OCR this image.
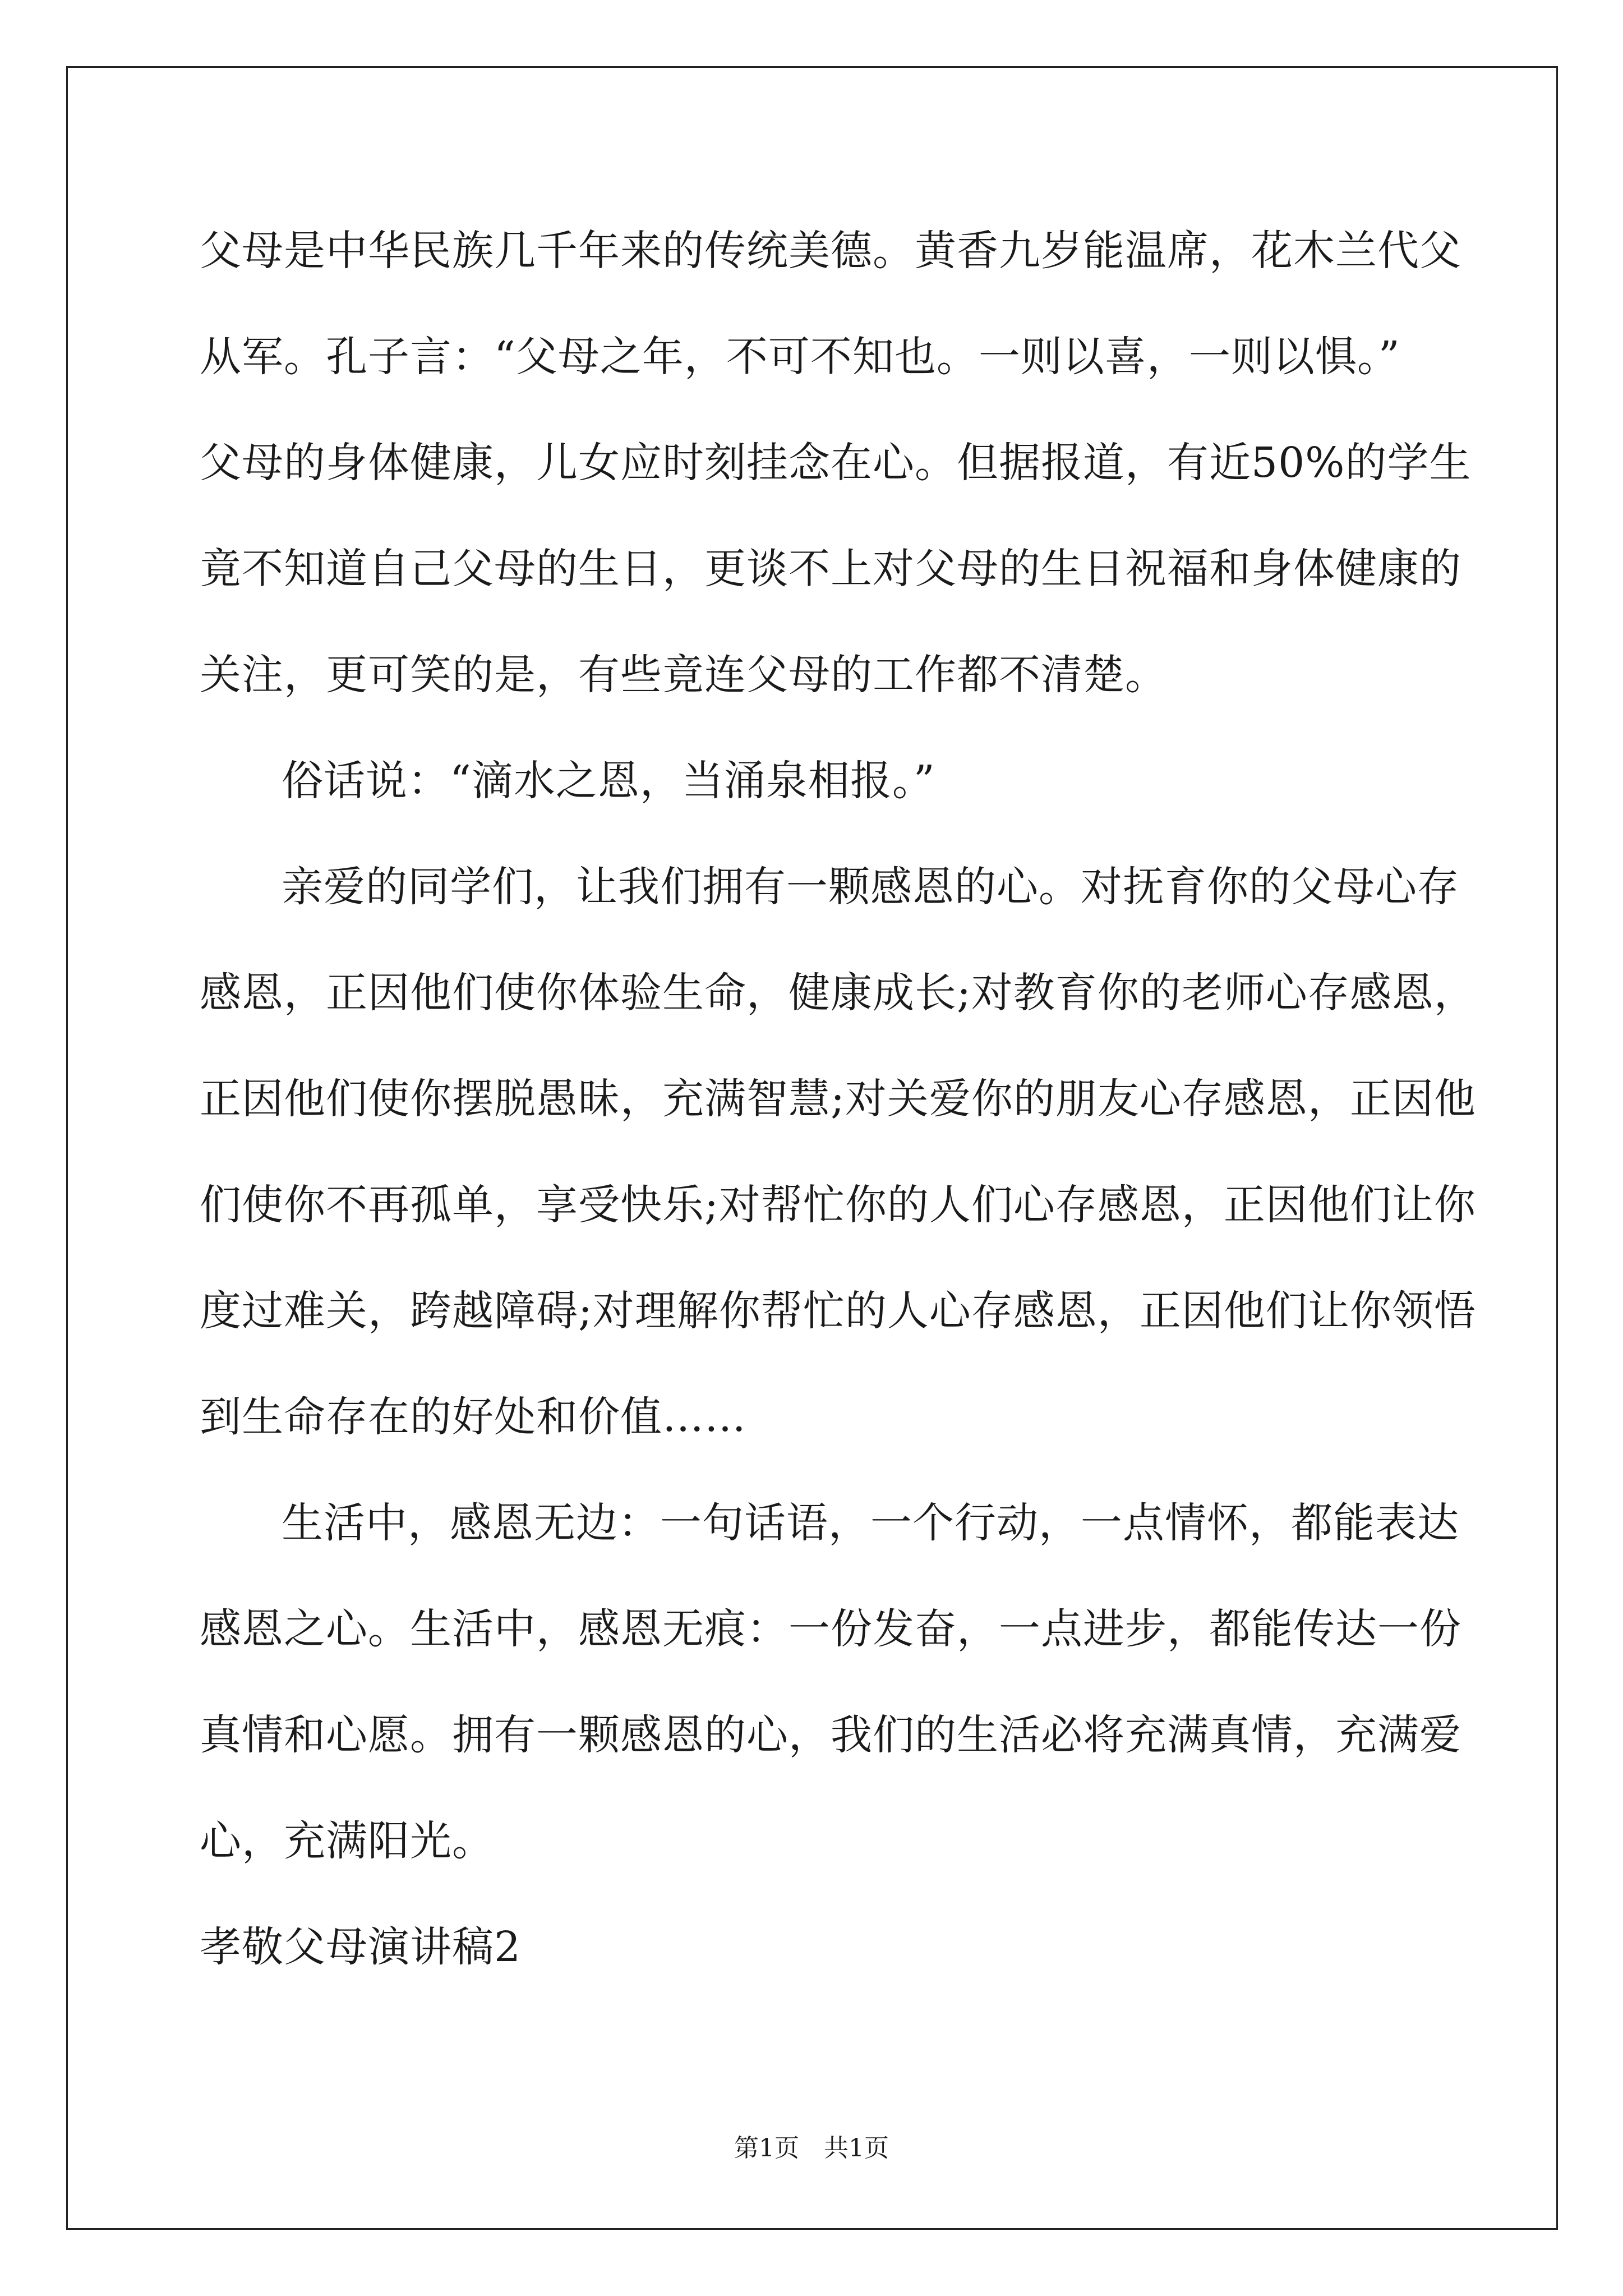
父母是中华民族几千年来的传统美德。黄香九岁能温席，花木兰代父
从军。孔子言：“父母之年，不可不知也。一则以喜，一则以惧。”
父母的身体健康，儿女应时刻挂念在心。但据报道，有近50%的学生
竟不知道自己父母的生日，更谈不上对父母的生日祝福和身体健康的
关注，更可笑的是，有些竟连父母的工作都不清楚。
俗话说：“滴水之恩，当涌泉相报。”
亲爱的同学们，让我们拥有一颗感恩的心。对抚育你的父母心存
感恩，正因他们使你体验生命，健康成长;对教育你的老师心存感恩，
正因他们使你摆脱愚昧，充满智慧;对关爱你的朋友心存感恩，正因他
们使你不再孤单，享受快乐;对帮忙你的人们心存感恩，正因他们让你
度过难关，跨越障碍;对理解你帮忙的人心存感恩，正因他们让你领悟
到生命存在的好处和价值……
生活中，感恩无边：一句话语，一个行动，一点情怀，都能表达
感恩之心。生活中，感恩无痕：一份发奋，一点进步，都能传达一份
真情和心愿。拥有一颗感恩的心，我们的生活必将充满真情，充满爱
心，充满阳光。
孝敬父母演讲稿2
第1页　共1页
